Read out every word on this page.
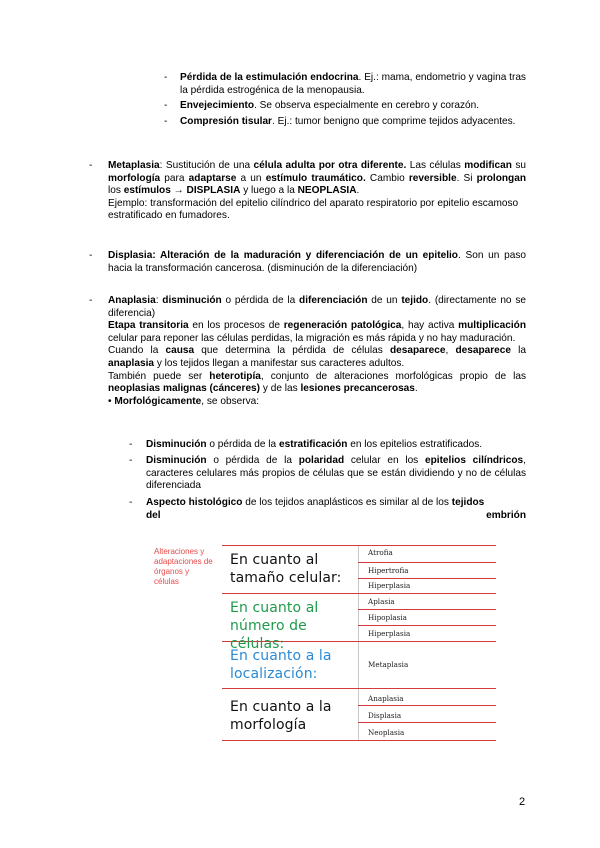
- Pérdida de la estimulación endocrina. Ej.: mama, endometrio y vagina tras la pérdida estrogénica de la menopausia.

- Envejecimiento. Se observa especialmente en cerebro y corazón.

- Compresión tisular. Ej.: tumor benigno que comprime tejidos adyacentes.

- Metaplasia: Sustitución de una célula adulta por otra diferente. Las células modifican su morfología para adaptarse a un estímulo traumático. Cambio reversible. Si prolongan los estímulos → DISPLASIA y luego a la NEOPLASIA.

Ejemplo: transformación del epitelio cilíndrico del aparato respiratorio por epitelio escamoso estratificado en fumadores.

- Displasia: Alteración de la maduración y diferenciación de un epitelio. Son un paso hacia la transformación cancerosa. (disminución de la diferenciación)

- Anaplasia: disminución o pérdida de la diferenciación de un tejido. (directamente no se diferencia)

Etapa transitoria en los procesos de regeneración patológica, hay activa multiplicación celular para reponer las células perdidas, la migración es más rápida y no hay maduración.

Cuando la causa que determina la pérdida de células desaparece, desaparece la anaplasia y los tejidos llegan a manifestar sus caracteres adultos.

También puede ser heterotipía, conjunto de alteraciones morfológicas propio de las neoplasias malignas (cánceres) y de las lesiones precancerosas.

• Morfológicamente, se observa:

- Disminución o pérdida de la estratificación en los epitelios estratificados.

- Disminución o pérdida de la polaridad celular en los epitelios cilíndricos, caracteres celulares más propios de células que se están dividiendo y no de células diferenciada

- Aspecto histológico de los tejidos anaplásticos es similar al de los tejidos

del	embrión

Alteraciones y adaptaciones de órganos y células
En cuanto al tamaño celular:
En cuanto al número de células:
En cuanto a la localización:
En cuanto a la morfología
Atrofia
Hipertrofia
Hiperplasia
Aplasia
Hipoplasia
Hiperplasia
Metaplasia
Anaplasia
Displasia
Neoplasia
2
